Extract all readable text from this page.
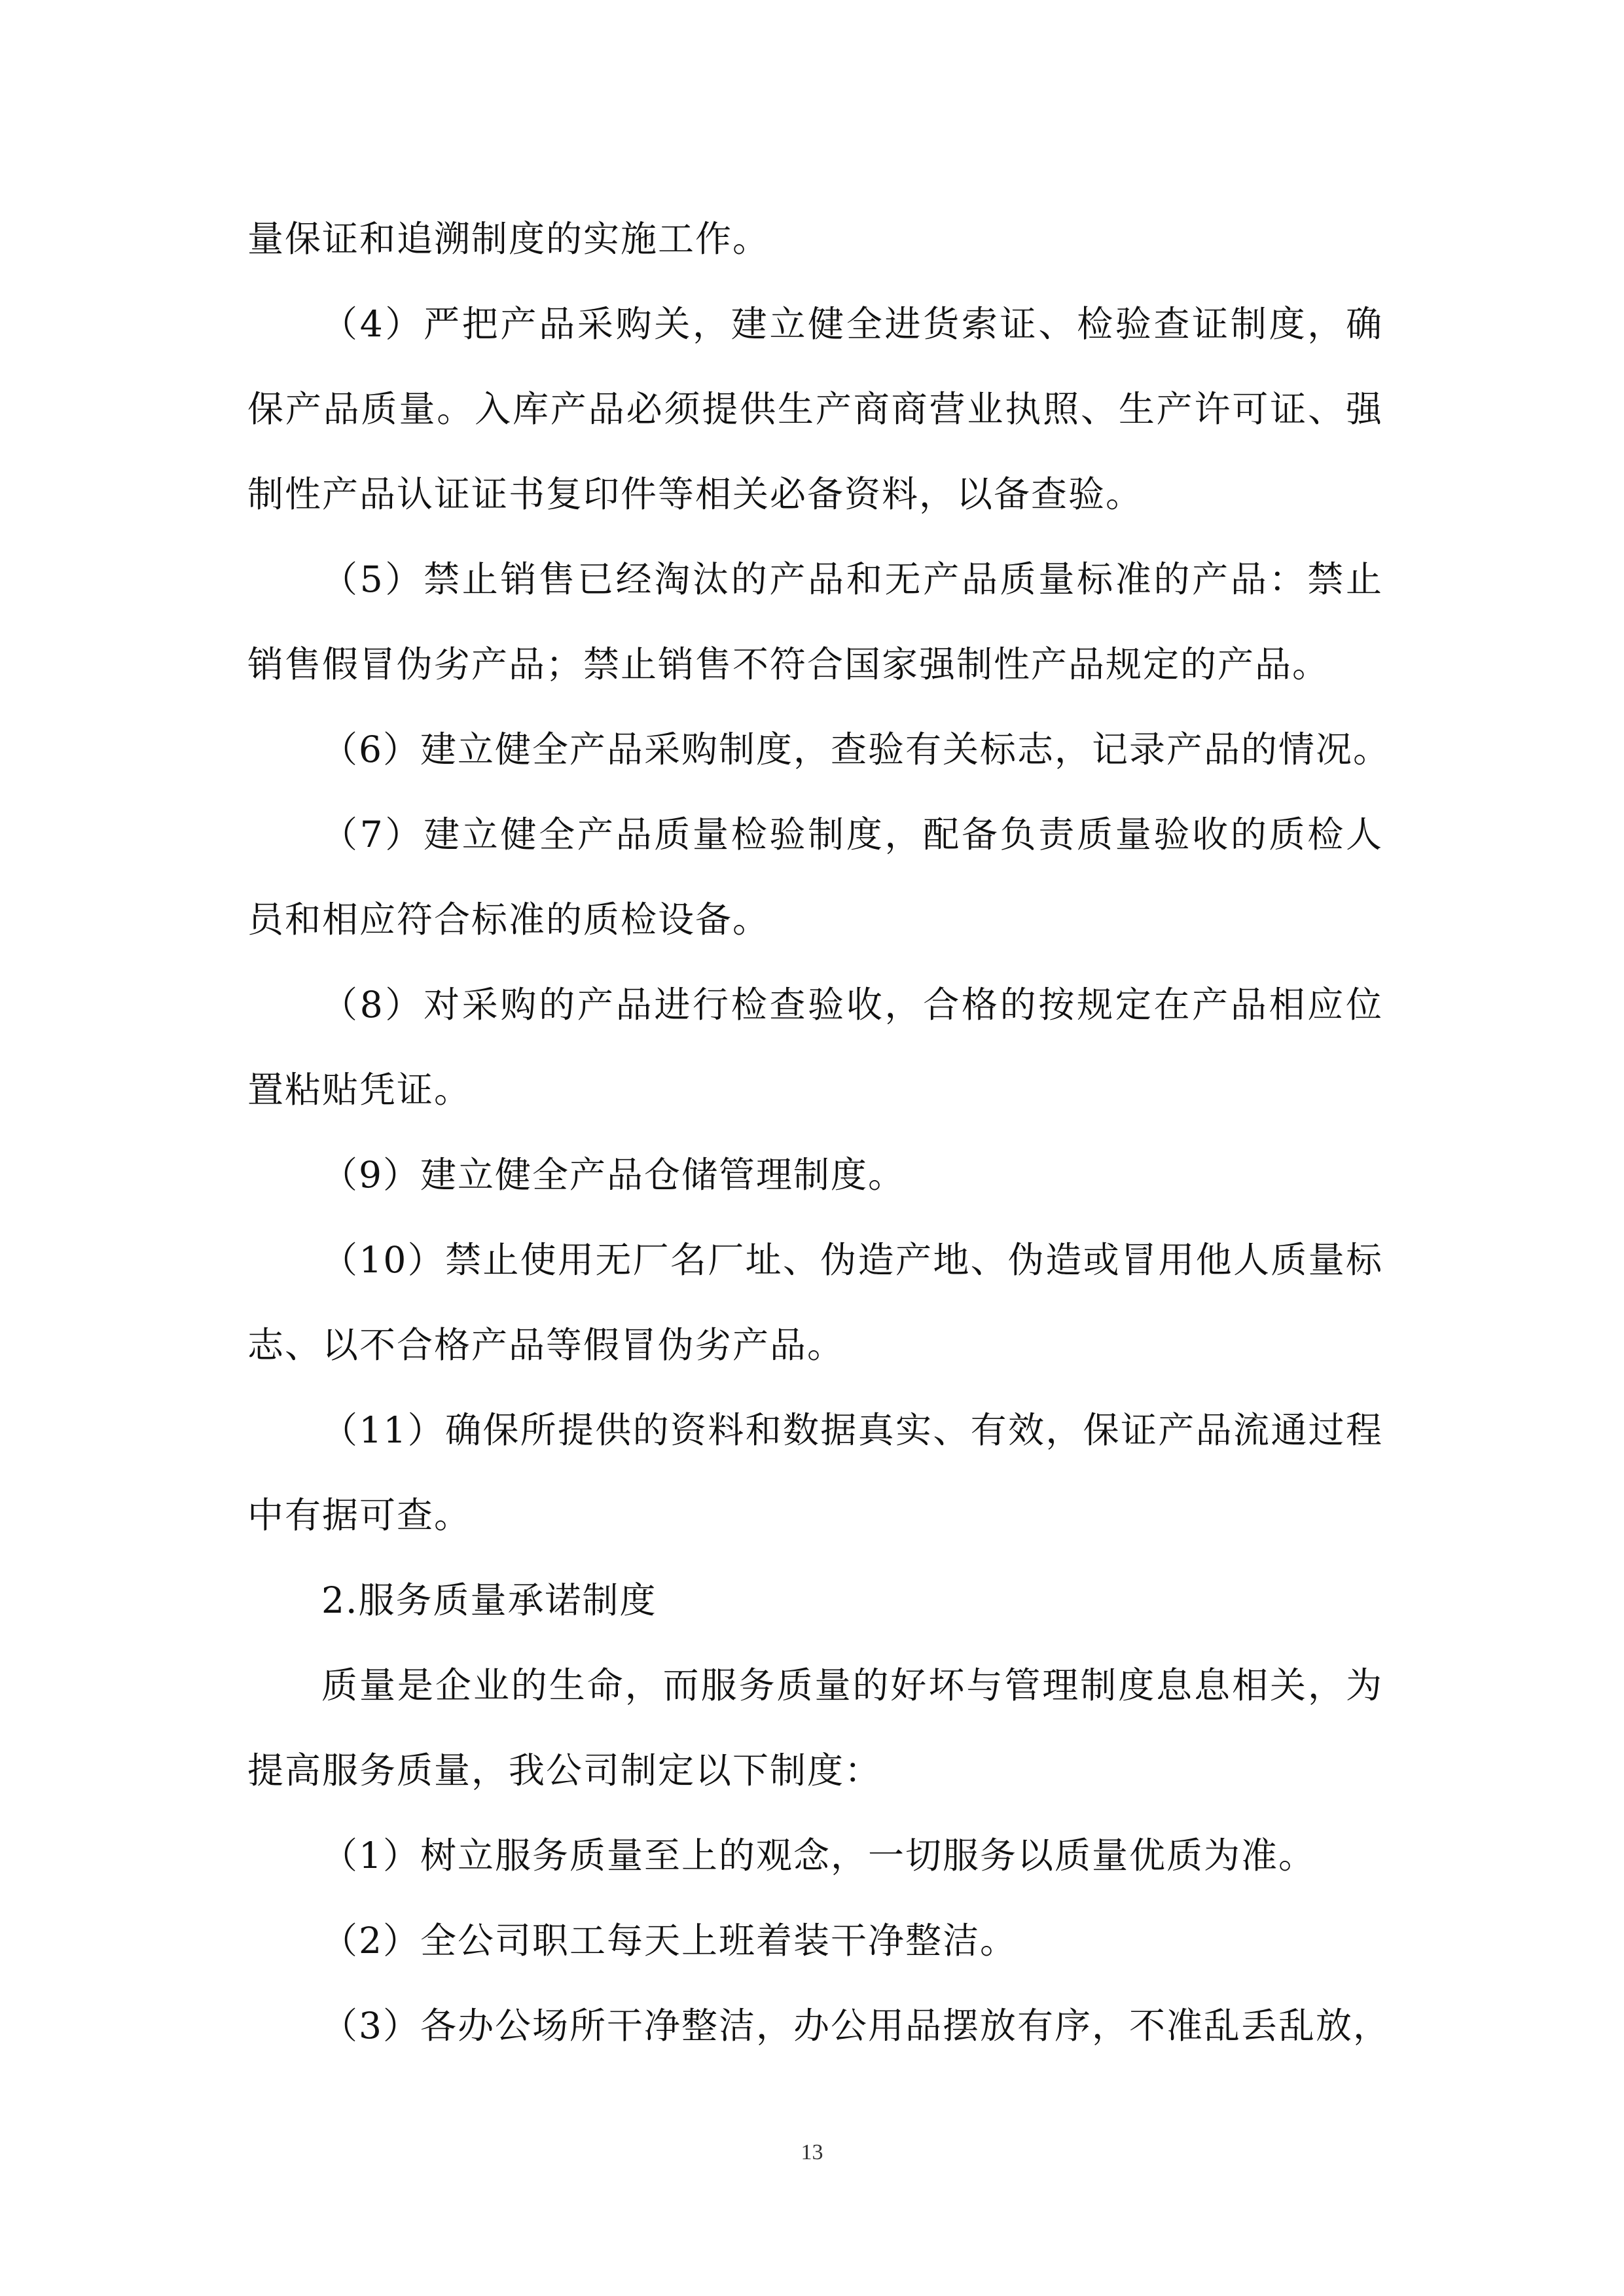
量保证和追溯制度的实施工作。
（4）严把产品采购关，建立健全进货索证、检验查证制度，确
保产品质量。入库产品必须提供生产商商营业执照、生产许可证、强
制性产品认证证书复印件等相关必备资料，以备查验。
（5）禁止销售已经淘汰的产品和无产品质量标准的产品：禁止
销售假冒伪劣产品；禁止销售不符合国家强制性产品规定的产品。
（6）建立健全产品采购制度，查验有关标志，记录产品的情况。
（7）建立健全产品质量检验制度，配备负责质量验收的质检人
员和相应符合标准的质检设备。
（8）对采购的产品进行检查验收，合格的按规定在产品相应位
置粘贴凭证。
（9）建立健全产品仓储管理制度。
（10）禁止使用无厂名厂址、伪造产地、伪造或冒用他人质量标
志、以不合格产品等假冒伪劣产品。
（11）确保所提供的资料和数据真实、有效，保证产品流通过程
中有据可查。
2.服务质量承诺制度
质量是企业的生命，而服务质量的好坏与管理制度息息相关，为
提高服务质量，我公司制定以下制度：
（1）树立服务质量至上的观念，一切服务以质量优质为准。
（2）全公司职工每天上班着装干净整洁。
（3）各办公场所干净整洁，办公用品摆放有序，不准乱丢乱放，
13
